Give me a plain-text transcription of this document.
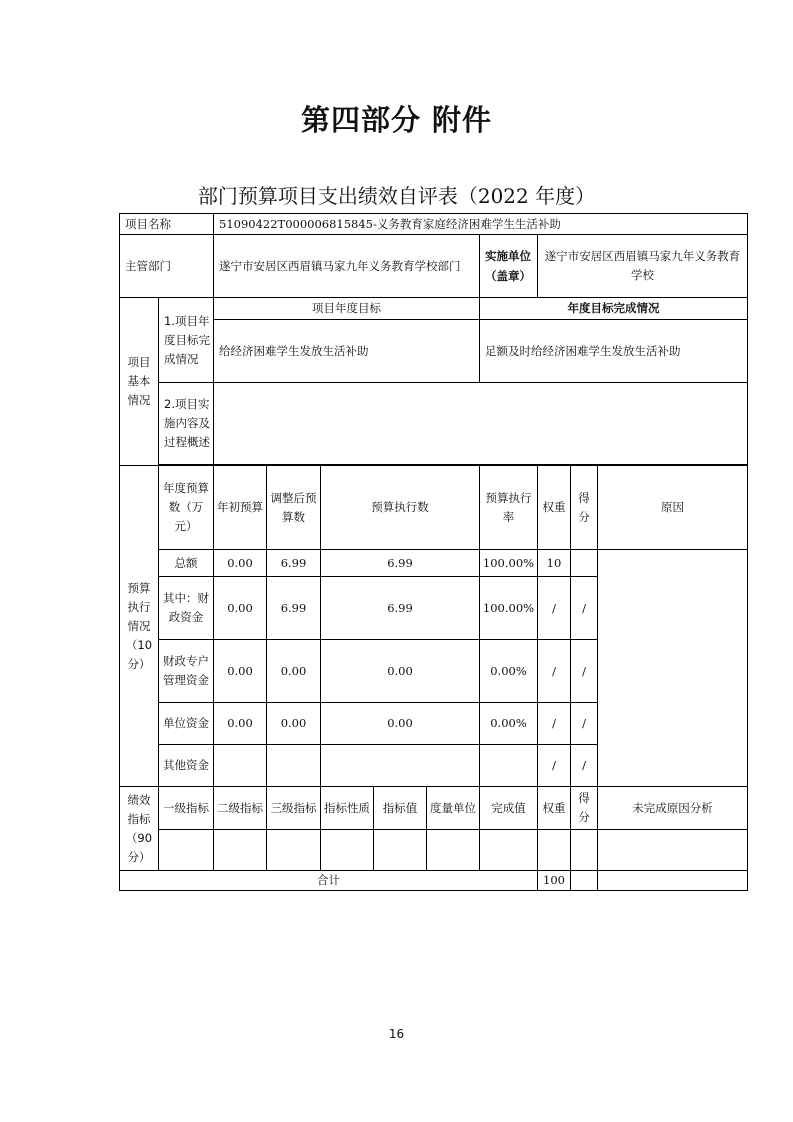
第四部分 附件
部门预算项目支出绩效自评表（2022 年度）
项目名称		51090422T000006815845-义务教育家庭经济困难学生生活补助								
主管部门		遂宁市安居区西眉镇马家九年义务教育学校部门					实施单位（盖章）	遂宁市安居区西眉镇马家九年义务教育学校		
项目基本情况	1.项目年度目标完成情况	项目年度目标					年度目标完成情况			
		给经济困难学生发放生活补助					足额及时给经济困难学生发放生活补助			
	2.项目实施内容及过程概述									

预算执行情况（10分）	年度预算数（万元）	年初预算	调整后预算数	预算执行数			预算执行率	权重	得分	原因
	总额	0.00	6.99	6.99			100.00%	10		
	其中：财政资金	0.00	6.99	6.99			100.00%	/	/	
	财政专户管理资金	0.00	0.00	0.00			0.00%	/	/	
	单位资金	0.00	0.00	0.00			0.00%	/	/	
	其他资金							/	/	
绩效指标（90分）	一级指标	二级指标	三级指标	指标性质	指标值	度量单位	完成值	权重	得分	未完成原因分析

合计								100		
16
